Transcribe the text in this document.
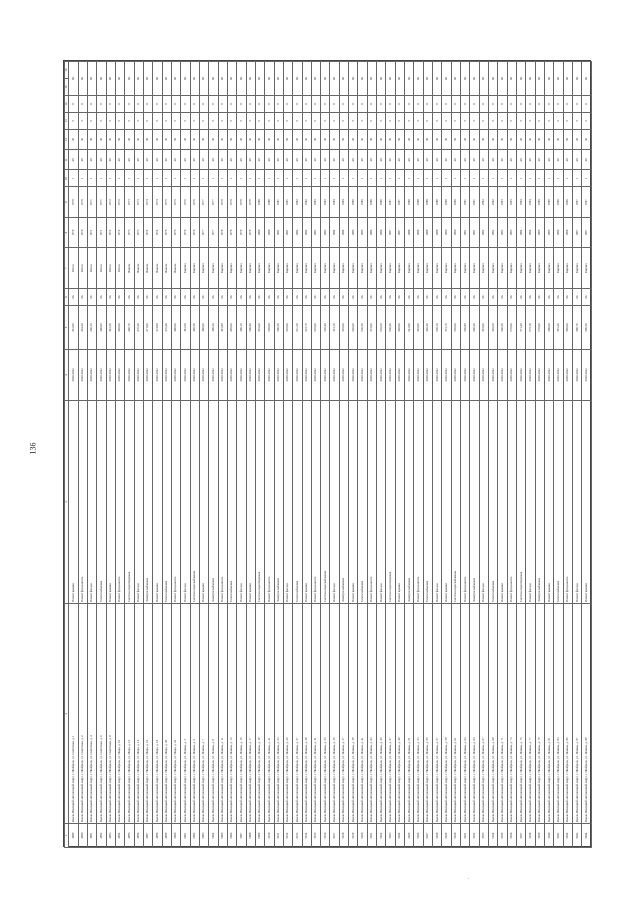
136
1	2	3	4	5	6	7	8	9	10	11	12	13	14	15	16
4989	Ямало-Ненецкий автономный округ, г. Ноябрьск, ул. Советская, д. 1	Ремонт крыши	2020-2022	451,00	66	Бетон	1970	1970	1	40	30	5	0	60	
4990	Ямало-Ненецкий автономный округ, г. Ноябрьск, ул. Советская, д. 2	Ремонт фундамента	2020-2022	454,20	66	Бетон	1970	1970	1	40	30	5	0	60	
4991	Ямало-Ненецкий автономный округ, г. Ноябрьск, ул. Советская, д. 4	Ремонт фасада	2020-2022	456,10	66	Бетон	1971	1971	1	40	30	5	0	60	
4992	Ямало-Ненецкий автономный округ, г. Ноябрьск, ул. Советская, д. 6	Теплоснабжение	2020-2022	460,00	66	Бетон	1971	1971	1	40	30	5	0	60	
4993	Ямало-Ненецкий автономный округ, г. Ноябрьск, ул. Советская, д. 8	Ремонт крыши	2020-2022	461,30	66	Бетон	1972	1972	1	40	30	5	0	60	
4994	Ямало-Ненецкий автономный округ, г. Ноябрьск, ул. Мира, д. 10	Ремонт фундамента	2020-2022	465,00	66	Бетон	1972	1972	1	40	30	5	0	60	
4995	Ямало-Ненецкий автономный округ, г. Ноябрьск, ул. Мира, д. 12	Система водоотведения	2020-2022	466,70	66	Панель	1973	1973	1	40	30	5	0	60	
4996	Ямало-Ненецкий автономный округ, г. Ноябрьск, ул. Мира, д. 14	Ремонт фасада	2020-2022	470,20	66	Панель	1973	1973	1	40	30	5	0	60	
4997	Ямало-Ненецкий автономный округ, г. Ноябрьск, ул. Мира, д. 16	Электроснабжение	2020-2022	471,00	66	Панель	1974	1974	1	40	30	5	0	60	
4998	Ямало-Ненецкий автономный округ, г. Ноябрьск, ул. Мира, д. 18	Ремонт крыши	2020-2022	474,90	66	Панель	1974	1974	1	40	30	5	0	60	
4999	Ямало-Ненецкий автономный округ, г. Ноябрьск, ул. Мира, д. 20	Теплоснабжение	2020-2022	476,40	66	Панель	1975	1975	1	40	30	5	0	60	
5000	Ямало-Ненецкий автономный округ, г. Ноябрьск, ул. Мира, д. 22	Ремонт фундамента	2020-2022	480,00	66	Панель	1975	1975	1	40	30	5	0	60	
5001	Ямало-Ненецкий автономный округ, г. Ноябрьск, ул. Ленина, д. 3	Ремонт фасада	2020-2022	481,50	66	Кирпич	1976	1976	1	40	30	5	0	60	
5002	Ямало-Ненецкий автономный округ, г. Ноябрьск, ул. Ленина, д. 5	Система водоснабжения	2020-2022	485,30	66	Кирпич	1976	1976	1	40	30	5	0	60	
5003	Ямало-Ненецкий автономный округ, г. Ноябрьск, ул. Ленина, д. 7	Ремонт крыши	2020-2022	486,00	66	Кирпич	1977	1977	1	40	30	5	0	60	
5004	Ямало-Ненецкий автономный округ, г. Ноябрьск, ул. Ленина, д. 9	Электроснабжение	2020-2022	490,20	66	Кирпич	1977	1977	1	40	30	5	0	60	
5005	Ямало-Ненецкий автономный округ, г. Ноябрьск, ул. Ленина, д. 11	Ремонт фундамента	2020-2022	491,80	66	Кирпич	1978	1978	1	40	30	5	0	60	
5006	Ямало-Ненецкий автономный округ, г. Ноябрьск, ул. Ленина, д. 13	Теплоснабжение	2020-2022	495,00	66	Кирпич	1978	1978	1	40	30	5	0	60	
5007	Ямало-Ненецкий автономный округ, г. Ноябрьск, ул. Ленина, д. 15	Ремонт фасада	2020-2022	496,10	66	Кирпич	1979	1979	1	40	30	5	0	60	
5008	Ямало-Ненецкий автономный округ, г. Ноябрьск, ул. Ленина, д. 17	Ремонт крыши	2020-2022	500,40	66	Кирпич	1979	1979	1	40	30	5	0	60	
5009	Ямало-Ненецкий автономный округ, г. Ноябрьск, ул. Ленина, д. 19	Система водоотведения	2020-2022	501,60	66	Кирпич	1980	1980	1	40	30	5	0	60	
5010	Ямало-Ненецкий автономный округ, г. Ноябрьск, ул. Ленина, д. 21	Ремонт фундамента	2020-2022	505,00	66	Кирпич	1980	1980	1	40	30	5	0	60	
5011	Ямало-Ненецкий автономный округ, г. Ноябрьск, ул. Ленина, д. 23	Электроснабжение	2020-2022	506,30	66	Кирпич	1981	1981	1	40	30	5	0	60	
5012	Ямало-Ненецкий автономный округ, г. Ноябрьск, ул. Ленина, д. 25	Ремонт фасада	2020-2022	510,00	66	Кирпич	1981	1981	1	40	30	5	0	60	
5013	Ямало-Ненецкий автономный округ, г. Ноябрьск, ул. Ленина, д. 27	Теплоснабжение	2020-2022	511,20	66	Кирпич	1982	1982	1	40	30	5	0	60	
5014	Ямало-Ненецкий автономный округ, г. Ноябрьск, ул. Ленина, д. 29	Ремонт крыши	2020-2022	515,70	66	Кирпич	1982	1982	1	40	30	5	0	60	
5015	Ямало-Ненецкий автономный округ, г. Ноябрьск, ул. Ленина, д. 31	Ремонт фундамента	2020-2022	516,00	66	Кирпич	1983	1983	1	40	30	5	0	60	
5016	Ямало-Ненецкий автономный округ, г. Ноябрьск, ул. Ленина, д. 33	Система водоснабжения	2020-2022	520,40	66	Кирпич	1983	1983	1	40	30	5	0	60	
5017	Ямало-Ненецкий автономный округ, г. Ноябрьск, ул. Ленина, д. 35	Ремонт фасада	2020-2022	521,10	66	Кирпич	1984	1984	1	40	30	5	0	60	
5018	Ямало-Ненецкий автономный округ, г. Ноябрьск, ул. Ленина, д. 37	Электроснабжение	2020-2022	525,00	66	Кирпич	1984	1984	1	40	30	5	0	60	
5019	Ямало-Ненецкий автономный округ, г. Ноябрьск, ул. Ленина, д. 39	Ремонт крыши	2020-2022	526,60	66	Кирпич	1985	1985	1	40	30	5	0	60	
5020	Ямало-Ненецкий автономный округ, г. Ноябрьск, ул. Ленина, д. 41	Теплоснабжение	2020-2022	530,30	66	Кирпич	1985	1985	1	40	30	5	0	60	
5021	Ямало-Ненецкий автономный округ, г. Ноябрьск, ул. Ленина, д. 43	Ремонт фундамента	2020-2022	531,00	66	Кирпич	1986	1986	1	40	30	5	0	60	
5022	Ямало-Ненецкий автономный округ, г. Ноябрьск, ул. Ленина, д. 45	Ремонт фасада	2020-2022	535,50	66	Кирпич	1986	1986	1	40	30	5	0	60	
5023	Ямало-Ненецкий автономный округ, г. Ноябрьск, ул. Ленина, д. 47	Система водоотведения	2020-2022	536,20	66	Кирпич	1987	1987	1	40	30	5	0	60	
5024	Ямало-Ненецкий автономный округ, г. Ноябрьск, ул. Ленина, д. 49	Ремонт крыши	2020-2022	540,00	66	Кирпич	1987	1987	1	40	30	5	0	60	
5025	Ямало-Ненецкий автономный округ, г. Ноябрьск, ул. Ленина, д. 51	Электроснабжение	2020-2022	541,90	66	Кирпич	1988	1988	1	40	30	5	0	60	
5026	Ямало-Ненецкий автономный округ, г. Ноябрьск, ул. Ленина, д. 53	Ремонт фундамента	2020-2022	545,00	66	Кирпич	1988	1988	1	40	30	5	0	60	
5027	Ямало-Ненецкий автономный округ, г. Ноябрьск, ул. Ленина, д. 55	Теплоснабжение	2020-2022	546,40	66	Кирпич	1989	1989	1	40	30	5	0	60	
5028	Ямало-Ненецкий автономный округ, г. Ноябрьск, ул. Ленина, д. 57	Ремонт фасада	2020-2022	550,10	66	Кирпич	1989	1989	1	40	30	5	0	60	
5029	Ямало-Ненецкий автономный округ, г. Ноябрьск, ул. Ленина, д. 59	Ремонт крыши	2020-2022	551,70	66	Кирпич	1990	1990	1	40	30	5	0	60	
5030	Ямало-Ненецкий автономный округ, г. Ноябрьск, ул. Ленина, д. 61	Система водоснабжения	2020-2022	555,00	66	Кирпич	1990	1990	1	40	30	5	0	60	
5031	Ямало-Ненецкий автономный округ, г. Ноябрьск, ул. Ленина, д. 63	Ремонт фундамента	2020-2022	556,80	66	Кирпич	1991	1991	1	40	30	5	0	60	
5032	Ямало-Ненецкий автономный округ, г. Ноябрьск, ул. Ленина, д. 65	Электроснабжение	2020-2022	560,20	66	Кирпич	1991	1991	1	40	30	5	0	60	
5033	Ямало-Ненецкий автономный округ, г. Ноябрьск, ул. Ленина, д. 67	Ремонт фасада	2020-2022	561,00	66	Кирпич	1992	1992	1	40	30	5	0	60	
5034	Ямало-Ненецкий автономный округ, г. Ноябрьск, ул. Ленина, д. 69	Теплоснабжение	2020-2022	565,50	66	Кирпич	1992	1992	1	40	30	5	0	60	
5035	Ямало-Ненецкий автономный округ, г. Ноябрьск, ул. Ленина, д. 71	Ремонт крыши	2020-2022	566,30	66	Кирпич	1993	1993	1	40	30	5	0	60	
5036	Ямало-Ненецкий автономный округ, г. Ноябрьск, ул. Ленина, д. 73	Ремонт фундамента	2020-2022	570,00	66	Кирпич	1993	1993	1	40	30	5	0	60	
5037	Ямало-Ненецкий автономный округ, г. Ноябрьск, ул. Ленина, д. 75	Система водоотведения	2020-2022	571,40	66	Кирпич	1994	1994	1	40	30	5	0	60	
5038	Ямало-Ненецкий автономный округ, г. Ноябрьск, ул. Ленина, д. 77	Ремонт фасада	2020-2022	575,10	66	Кирпич	1994	1994	1	40	30	5	0	60	
5039	Ямало-Ненецкий автономный округ, г. Ноябрьск, ул. Ленина, д. 79	Электроснабжение	2020-2022	576,00	66	Кирпич	1995	1995	1	40	30	5	0	60	
5040	Ямало-Ненецкий автономный округ, г. Ноябрьск, ул. Ленина, д. 81	Ремонт крыши	2020-2022	580,60	66	Кирпич	1995	1995	1	40	30	5	0	60	
5041	Ямало-Ненецкий автономный округ, г. Ноябрьск, ул. Ленина, д. 83	Теплоснабжение	2020-2022	581,20	66	Кирпич	1996	1996	1	40	30	5	0	60	
5042	Ямало-Ненецкий автономный округ, г. Ноябрьск, ул. Ленина, д. 85	Ремонт фундамента	2020-2022	585,00	66	Кирпич	1996	1996	1	40	30	5	0	60	
5043	Ямало-Ненецкий автономный округ, г. Ноябрьск, ул. Ленина, д. 87	Ремонт фасада	2020-2022	586,70	66	Кирпич	1997	1997	1	40	30	5	0	60	
5044	Ямало-Ненецкий автономный округ, г. Ноябрьск, ул. Ленина, д. 89	Ремонт крыши	2020-2022	590,30	66	Кирпич	1997	1997	1	40	30	5	0	60	
.
